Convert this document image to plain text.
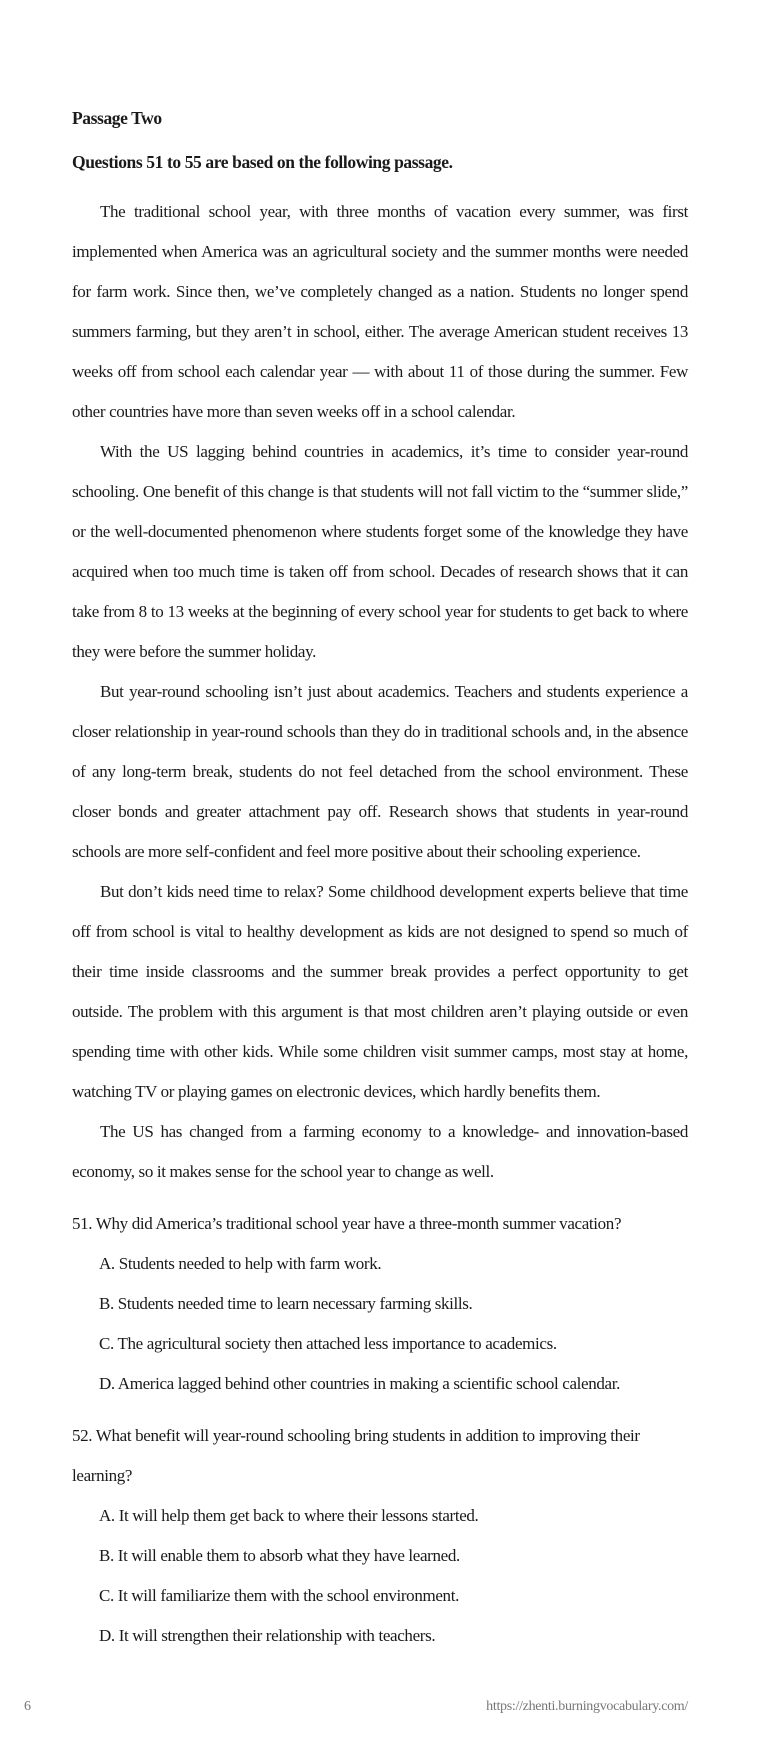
Passage Two
Questions 51 to 55 are based on the following passage.

The traditional school year, with three months of vacation every summer, was first implemented when America was an agricultural society and the summer months were needed for farm work. Since then, we’ve completely changed as a nation. Students no longer spend summers farming, but they aren’t in school, either. The average American student receives 13 weeks off from school each calendar year — with about 11 of those during the summer. Few other countries have more than seven weeks off in a school calendar.

With the US lagging behind countries in academics, it’s time to consider year-round schooling. One benefit of this change is that students will not fall victim to the “summer slide,” or the well-documented phenomenon where students forget some of the knowledge they have acquired when too much time is taken off from school. Decades of research shows that it can take from 8 to 13 weeks at the beginning of every school year for students to get back to where they were before the summer holiday.

But year-round schooling isn’t just about academics. Teachers and students experience a closer relationship in year-round schools than they do in traditional schools and, in the absence of any long-term break, students do not feel detached from the school environment. These closer bonds and greater attachment pay off. Research shows that students in year-round schools are more self-confident and feel more positive about their schooling experience.

But don’t kids need time to relax? Some childhood development experts believe that time off from school is vital to healthy development as kids are not designed to spend so much of their time inside classrooms and the summer break provides a perfect opportunity to get outside. The problem with this argument is that most children aren’t playing outside or even spending time with other kids. While some children visit summer camps, most stay at home, watching TV or playing games on electronic devices, which hardly benefits them.

The US has changed from a farming economy to a knowledge- and innovation-based economy, so it makes sense for the school year to change as well.

51. Why did America’s traditional school year have a three-month summer vacation?

A. Students needed to help with farm work.

B. Students needed time to learn necessary farming skills.

C. The agricultural society then attached less importance to academics.

D. America lagged behind other countries in making a scientific school calendar.

52. What benefit will year-round schooling bring students in addition to improving their learning?

A. It will help them get back to where their lessons started.

B. It will enable them to absorb what they have learned.

C. It will familiarize them with the school environment.

D. It will strengthen their relationship with teachers.

6	https://zhenti.burningvocabulary.com/
